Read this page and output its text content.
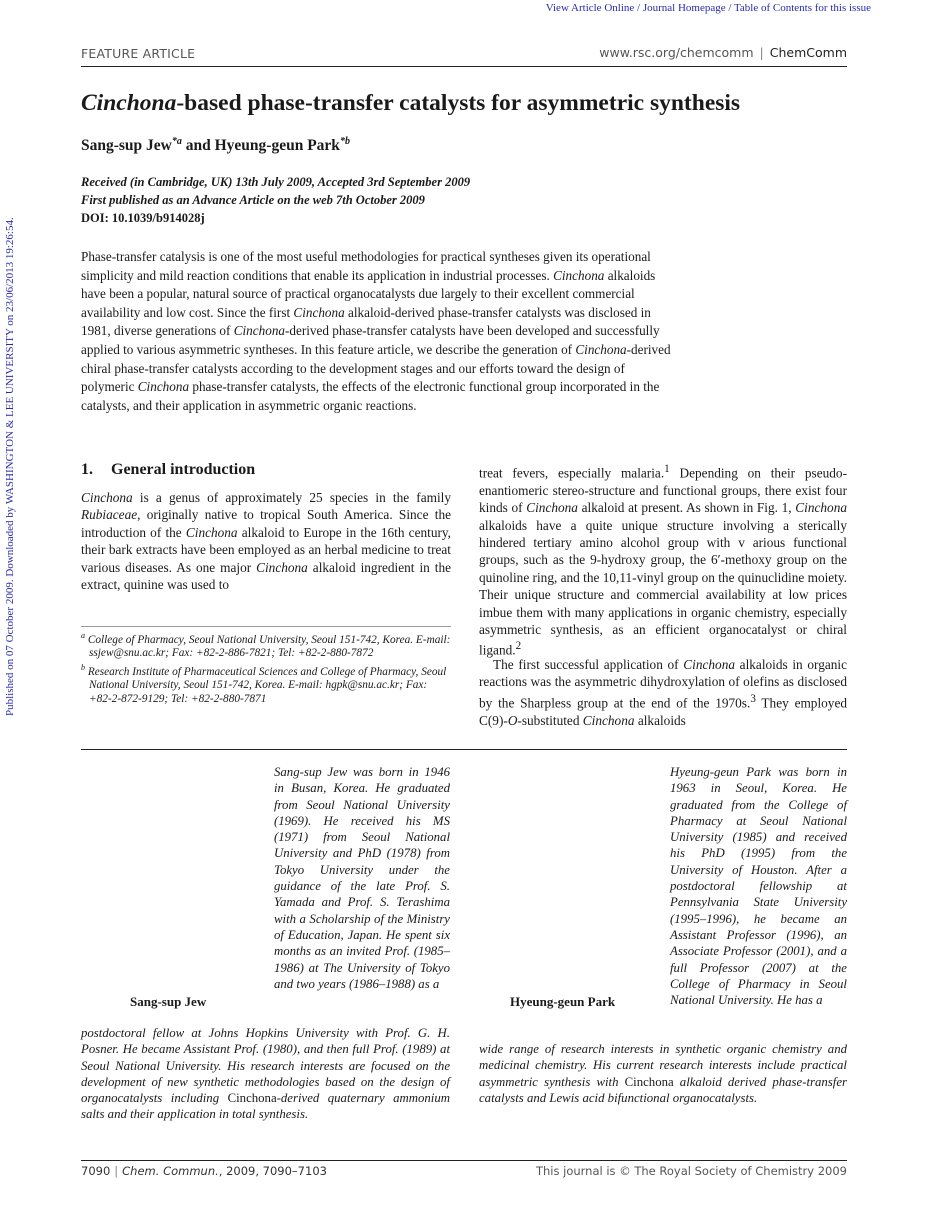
View Article Online / Journal Homepage / Table of Contents for this issue
Published on 07 October 2009. Downloaded by WASHINGTON & LEE UNIVERSITY on 23/06/2013 19:26:54.
FEATURE ARTICLE	www.rsc.org/chemcomm | ChemComm
Cinchona-based phase-transfer catalysts for asymmetric synthesis
Sang-sup Jew$^{*a}$ and Hyeung-geun Park$^{*b}$
Received (in Cambridge, UK) 13th July 2009, Accepted 3rd September 2009
First published as an Advance Article on the web 7th October 2009
DOI: 10.1039/b914028j
Phase-transfer catalysis is one of the most useful methodologies for practical syntheses given its operational simplicity and mild reaction conditions that enable its application in industrial processes. Cinchona alkaloids have been a popular, natural source of practical organocatalysts due largely to their excellent commercial availability and low cost. Since the first Cinchona alkaloid-derived phase-transfer catalysts was disclosed in 1981, diverse generations of Cinchona-derived phase-transfer catalysts have been developed and successfully applied to various asymmetric syntheses. In this feature article, we describe the generation of Cinchona-derived chiral phase-transfer catalysts according to the development stages and our efforts toward the design of polymeric Cinchona phase-transfer catalysts, the effects of the electronic functional group incorporated in the catalysts, and their application in asymmetric organic reactions.
1. General introduction
Cinchona is a genus of approximately 25 species in the family Rubiaceae, originally native to tropical South America. Since the introduction of the Cinchona alkaloid to Europe in the 16th century, their bark extracts have been employed as an herbal medicine to treat various diseases. As one major Cinchona alkaloid ingredient in the extract, quinine was used to
$^a$ College of Pharmacy, Seoul National University, Seoul 151-742, Korea. E-mail: ssjew@snu.ac.kr; Fax: +82-2-886-7821; Tel: +82-2-880-7872
$^b$ Research Institute of Pharmaceutical Sciences and College of Pharmacy, Seoul National University, Seoul 151-742, Korea. E-mail: hgpk@snu.ac.kr; Fax: +82-2-872-9129; Tel: +82-2-880-7871
treat fevers, especially malaria.$^1$ Depending on their pseudo-enantiomeric stereo-structure and functional groups, there exist four kinds of Cinchona alkaloid at present. As shown in Fig. 1, Cinchona alkaloids have a quite unique structure involving a sterically hindered tertiary amino alcohol group with v arious functional groups, such as the 9-hydroxy group, the 6′-methoxy group on the quinoline ring, and the 10,11-vinyl group on the quinuclidine moiety. Their unique structure and commercial availability at low prices imbue them with many applications in organic chemistry, especially asymmetric synthesis, as an efficient organocatalyst or chiral ligand.$^2$
The first successful application of Cinchona alkaloids in organic reactions was the asymmetric dihydroxylation of olefins as disclosed by the Sharpless group at the end of the 1970s.$^3$ They employed C(9)-O-substituted Cinchona alkaloids
Sang-sup Jew
Sang-sup Jew was born in 1946 in Busan, Korea. He graduated from Seoul National University (1969). He received his MS (1971) from Seoul National University and PhD (1978) from Tokyo University under the guidance of the late Prof. S. Yamada and Prof. S. Terashima with a Scholarship of the Ministry of Education, Japan. He spent six months as an invited Prof. (1985–1986) at The University of Tokyo and two years (1986–1988) as a
postdoctoral fellow at Johns Hopkins University with Prof. G. H. Posner. He became Assistant Prof. (1980), and then full Prof. (1989) at Seoul National University. His research interests are focused on the development of new synthetic methodologies based on the design of organocatalysts including Cinchona-derived quaternary ammonium salts and their application in total synthesis.
Hyeung-geun Park
Hyeung-geun Park was born in 1963 in Seoul, Korea. He graduated from the College of Pharmacy at Seoul National University (1985) and received his PhD (1995) from the University of Houston. After a postdoctoral fellowship at Pennsylvania State University (1995–1996), he became an Assistant Professor (1996), an Associate Professor (2001), and a full Professor (2007) at the College of Pharmacy in Seoul National University. He has a
wide range of research interests in synthetic organic chemistry and medicinal chemistry. His current research interests include practical asymmetric synthesis with Cinchona alkaloid derived phase-transfer catalysts and Lewis acid bifunctional organocatalysts.
7090 | Chem. Commun., 2009, 7090–7103	This journal is © The Royal Society of Chemistry 2009
